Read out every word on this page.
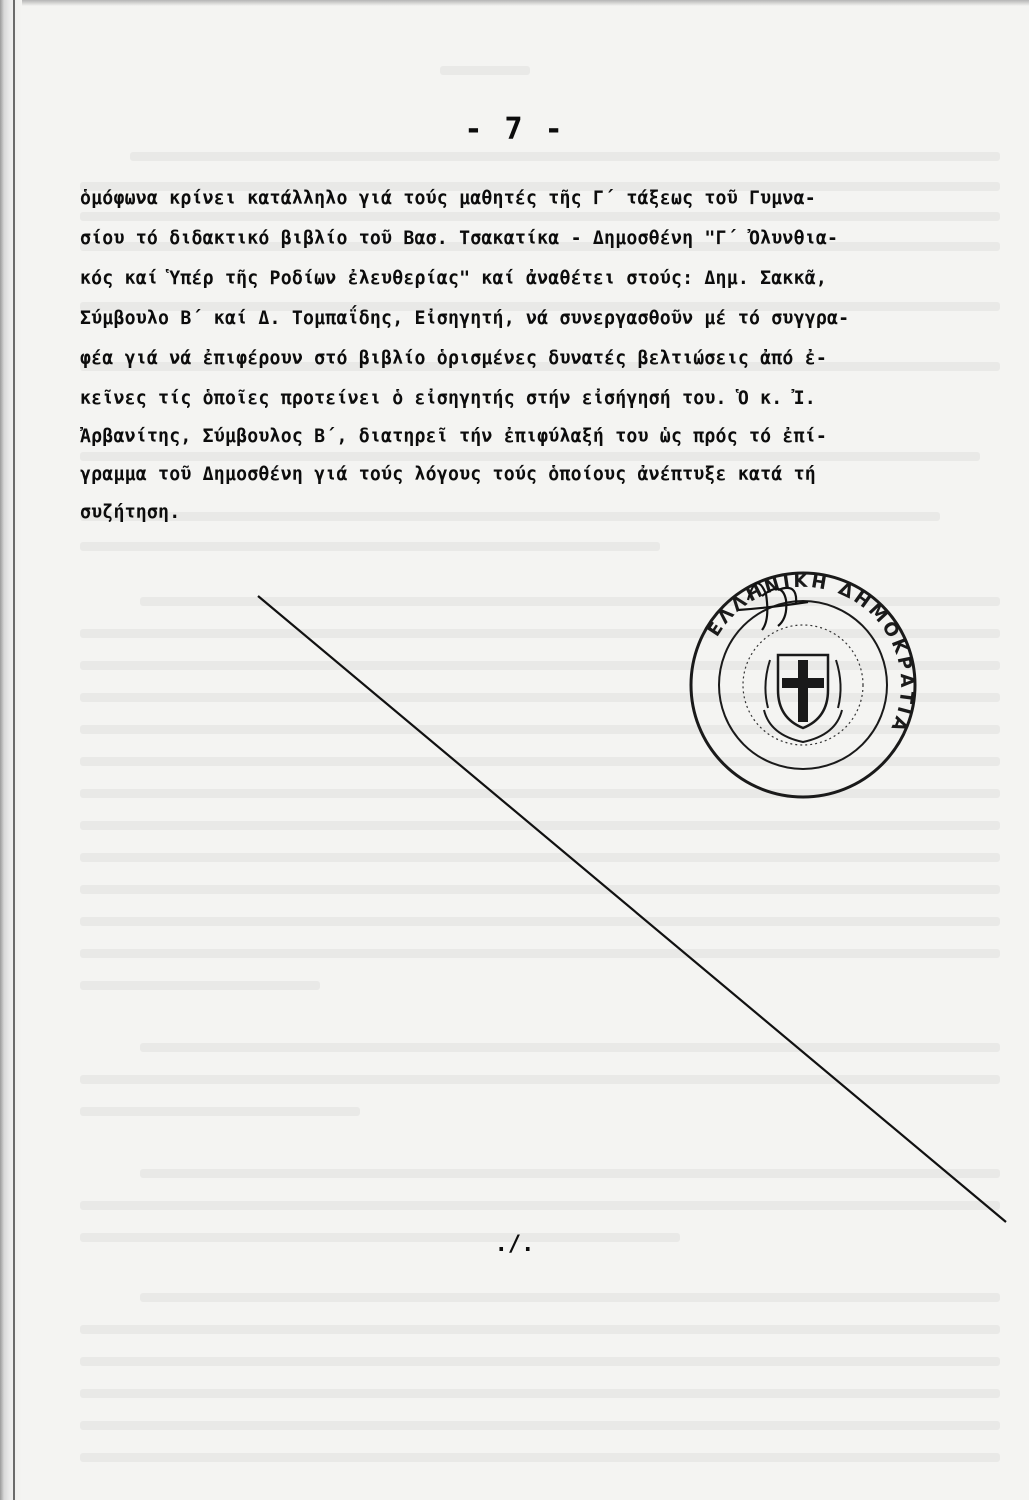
- 7 -
ὁμόφωνα κρίνει κατάλληλο γιά τούς μαθητές τῆς Γ΄ τάξεως τοῦ Γυμνα-
σίου τό διδακτικό βιβλίο τοῦ Βασ. Τσακατίκα - Δημοσθένη "Γ΄ Ὀλυνθια-
κός καί Ὑπέρ τῆς Ροδίων ἐλευθερίας" καί ἀναθέτει στούς: Δημ. Σακκᾶ,
Σύμβουλο Β΄ καί Δ. Τομπαΐδης, Εἰσηγητή, νά συνεργασθοῦν μέ τό συγγρα-
φέα γιά νά ἐπιφέρουν στό βιβλίο ὁρισμένες δυνατές βελτιώσεις ἀπό ἐ-
κεῖνες τίς ὁποῖες προτείνει ὁ εἰσηγητής στήν εἰσήγησή του. Ὁ κ. Ἰ.
Ἀρβανίτης, Σύμβουλος Β΄, διατηρεῖ τήν ἐπιφύλαξή του ὡς πρός τό ἐπί-
γραμμα τοῦ Δημοσθένη γιά τούς λόγους τούς ὁποίους ἀνέπτυξε κατά τή
συζήτηση.
ΕΛΛΗΝΙΚΗ ΔΗΜΟΚΡΑΤΙΑ
./.
